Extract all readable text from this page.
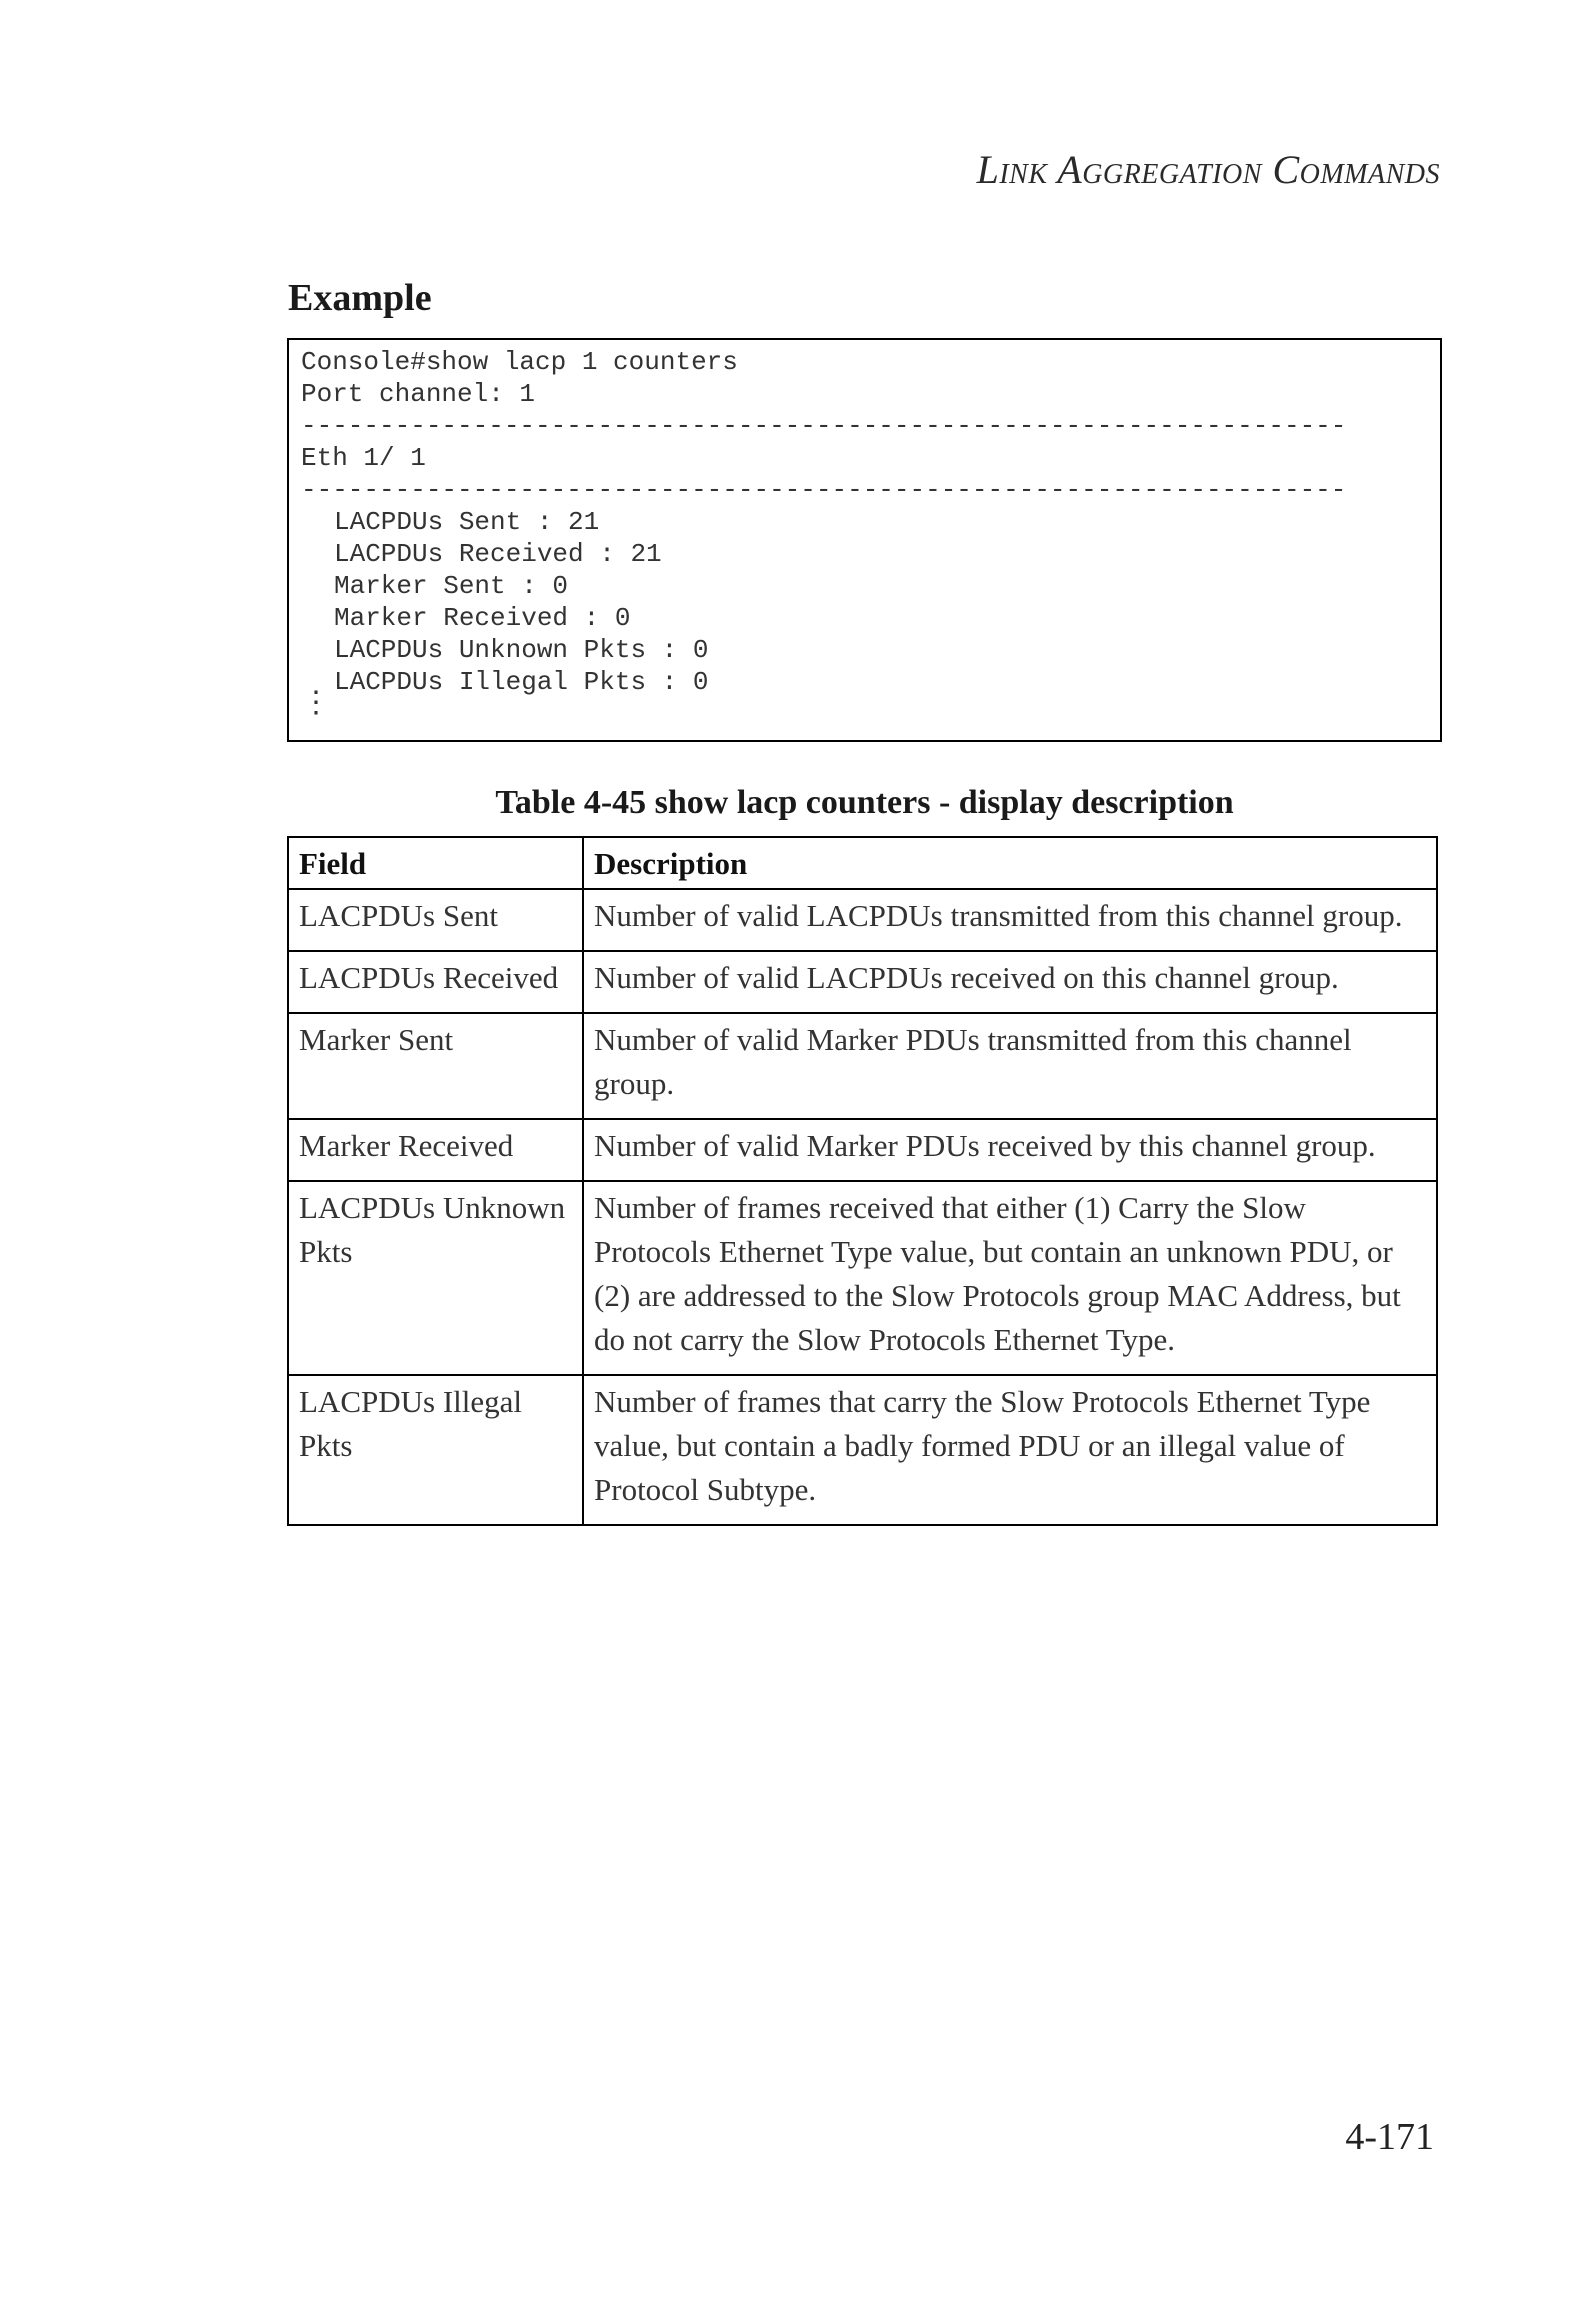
Link Aggregation Commands
Example
Console#show lacp 1 counters
Port channel: 1
-------------------------------------------------------------------
Eth 1/ 1
-------------------------------------------------------------------
LACPDUs Sent : 21
LACPDUs Received : 21
Marker Sent : 0
Marker Received : 0
LACPDUs Unknown Pkts : 0
LACPDUs Illegal Pkts : 0
⋮
Table 4-45 show lacp counters - display description
Field	Description
LACPDUs Sent	Number of valid LACPDUs transmitted from this channel group.
LACPDUs Received	Number of valid LACPDUs received on this channel group.
Marker Sent	Number of valid Marker PDUs transmitted from this channel group.
Marker Received	Number of valid Marker PDUs received by this channel group.
LACPDUs Unknown Pkts	Number of frames received that either (1) Carry the Slow Protocols Ethernet Type value, but contain an unknown PDU, or (2) are addressed to the Slow Protocols group MAC Address, but do not carry the Slow Protocols Ethernet Type.
LACPDUs Illegal Pkts	Number of frames that carry the Slow Protocols Ethernet Type value, but contain a badly formed PDU or an illegal value of Protocol Subtype.
4-171
